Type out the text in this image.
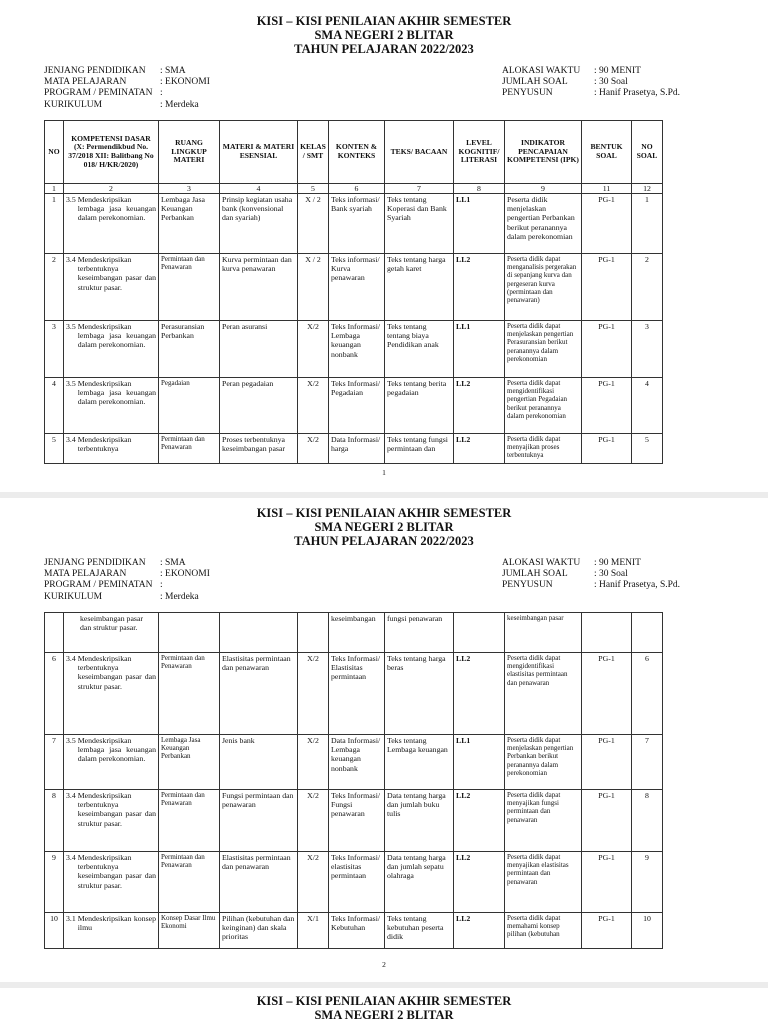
KISI – KISI PENILAIAN AKHIR SEMESTER
SMA NEGERI 2 BLITAR
TAHUN PELAJARAN 2022/2023
JENJANG PENDIDIKAN	: SMA
MATA PELAJARAN	: EKONOMI
PROGRAM / PEMINATAN :
KURIKULUM	: Merdeka
ALOKASI WAKTU	: 90 MENIT
JUMLAH SOAL	: 30 Soal
PENYUSUN	: Hanif Prasetya, S.Pd.
NO	KOMPETENSI DASAR (X: Permendikbud No. 37/2018 XII: Balitbang No 018/ H/KR/2020)	RUANG LINGKUP MATERI	MATERI & MATERI ESENSIAL	KELAS / SMT	KONTEN & KONTEKS	TEKS/ BACAAN	LEVEL KOGNITIF/ LITERASI	INDIKATOR PENCAPAIAN KOMPETENSI (IPK)	BENTUK SOAL	NO SOAL
1	2	3	4	5	6	7	8	9	11	12
1	3.5 Mendeskripsikan lembaga jasa keuangan dalam perekonomian.	Lembaga Jasa Keuangan Perbankan	Prinsip kegiatan usaha bank (konvensional dan syariah)	X / 2	Teks informasi/ Bank syariah	Teks tentang Koperasi dan Bank Syariah	LL1	Peserta didik menjelaskan pengertian Perbankan berikut peranannya dalam perekonomian	PG-1	1
2	3.4 Mendeskripsikan terbentuknya keseimbangan pasar dan struktur pasar.	Permintaan dan Penawaran	Kurva permintaan dan kurva penawaran	X / 2	Teks informasi/ Kurva penawaran	Teks tentang harga getah karet	LL2	Peserta didik dapat menganalisis pergerakan di sepanjang kurva dan pergeseran kurva (permintaan dan penawaran)	PG-1	2
3	3.5 Mendeskripsikan lembaga jasa keuangan dalam perekonomian.	Perasuransian Perbankan	Peran asuransi	X/2	Teks Informasi/ Lembaga keuangan nonbank	Teks tentang tentang biaya Pendidikan anak	LL1	Peserta didik dapat menjelaskan pengertian Perasuransian berikut peranannya dalam perekonomian	PG-1	3
4	3.5 Mendeskripsikan lembaga jasa keuangan dalam perekonomian.	Pegadaian	Peran pegadaian	X/2	Teks Informasi/ Pegadaian	Teks tentang berita pegadaian	LL2	Peserta didik dapat mengidentifikasi pengertian Pegadaian berikut peranannya dalam perekonomian	PG-1	4
5	3.4 Mendeskripsikan terbentuknya	Permintaan dan Penawaran	Proses terbentuknya keseimbangan pasar	X/2	Data Informasi/ harga	Teks tentang fungsi permintaan dan	LL2	Peserta didik dapat menyajikan proses terbentuknya	PG-1	5
1
KISI – KISI PENILAIAN AKHIR SEMESTER
SMA NEGERI 2 BLITAR
TAHUN PELAJARAN 2022/2023
JENJANG PENDIDIKAN	: SMA
MATA PELAJARAN	: EKONOMI
PROGRAM / PEMINATAN :
KURIKULUM	: Merdeka
ALOKASI WAKTU	: 90 MENIT
JUMLAH SOAL	: 30 Soal
PENYUSUN	: Hanif Prasetya, S.Pd.

	keseimbangan pasar dan struktur pasar.				keseimbangan	fungsi penawaran		keseimbangan pasar		
6	3.4 Mendeskripsikan terbentuknya keseimbangan pasar dan struktur pasar.	Permintaan dan Penawaran	Elastisitas permintaan dan penawaran	X/2	Teks Informasi/ Elastisitas permintaan	Teks tentang harga beras	LL2	Peserta didik dapat mengidentifikasi elastisitas permintaan dan penawaran	PG-1	6
7	3.5 Mendeskripsikan lembaga jasa keuangan dalam perekonomian.	Lembaga Jasa Keuangan Perbankan	Jenis bank	X/2	Data Informasi/ Lembaga keuangan nonbank	Teks tentang Lembaga keuangan	LL1	Peserta didik dapat menjelaskan pengertian Perbankan berikut peranannya dalam perekonomian	PG-1	7
8	3.4 Mendeskripsikan terbentuknya keseimbangan pasar dan struktur pasar.	Permintaan dan Penawaran	Fungsi permintaan dan penawaran	X/2	Teks Informasi/ Fungsi penawaran	Data tentang harga dan jumlah buku tulis	LL2	Peserta didik dapat menyajikan fungsi permintaan dan penawaran	PG-1	8
9	3.4 Mendeskripsikan terbentuknya keseimbangan pasar dan struktur pasar.	Permintaan dan Penawaran	Elastisitas permintaan dan penawaran	X/2	Teks Informasi/ elastisitas permintaan	Data tentang harga dan jumlah sepatu olahraga	LL2	Peserta didik dapat menyajikan elastisitas permintaan dan penawaran	PG-1	9
10	3.1 Mendeskripsikan konsep ilmu	Konsep Dasar Ilmu Ekonomi	Pilihan (kebutuhan dan keinginan) dan skala prioritas	X/1	Teks Informasi/ Kebutuhan	Teks tentang kebutuhan peserta didik	LL2	Peserta didik dapat memahami konsep pilihan (kebutuhan	PG-1	10
2
KISI – KISI PENILAIAN AKHIR SEMESTER
SMA NEGERI 2 BLITAR
